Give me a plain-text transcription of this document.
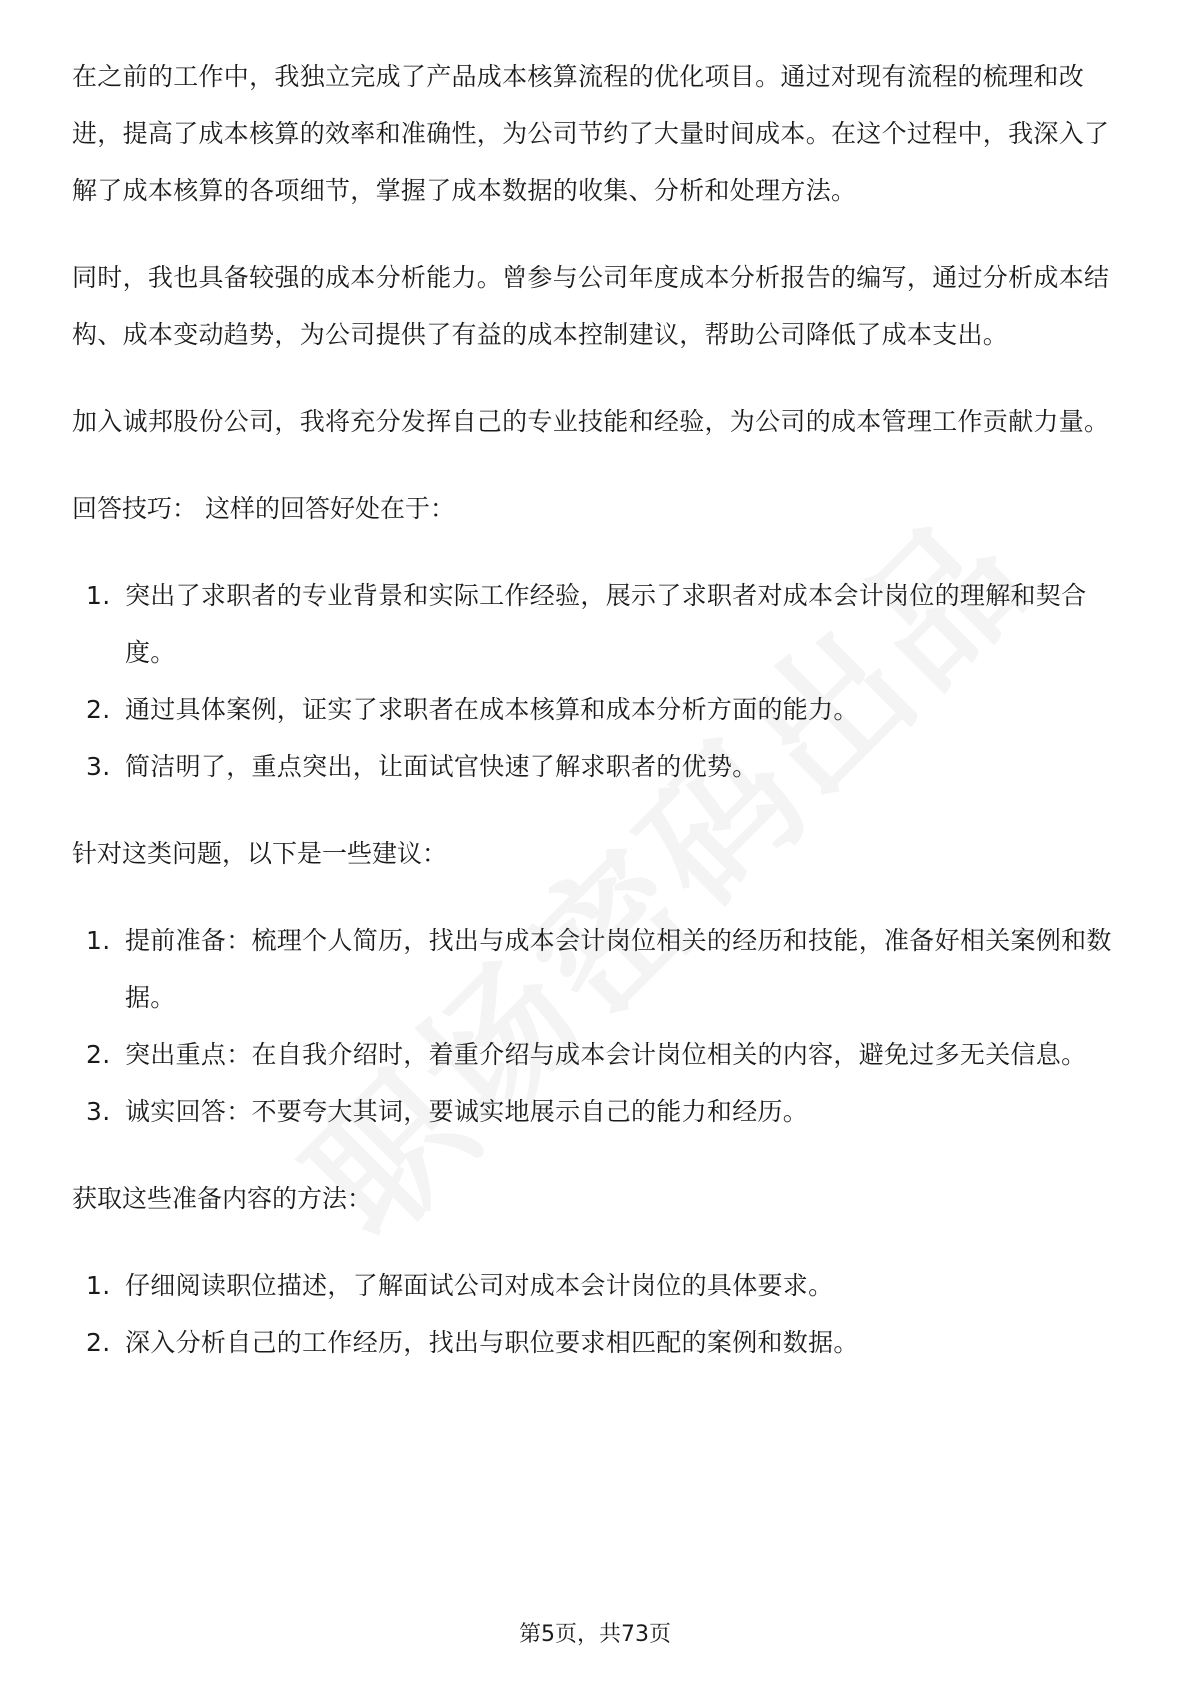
在之前的工作中，我独立完成了产品成本核算流程的优化项目。通过对现有流程的梳理和改进，提高了成本核算的效率和准确性，为公司节约了大量时间成本。在这个过程中，我深入了解了成本核算的各项细节，掌握了成本数据的收集、分析和处理方法。

同时，我也具备较强的成本分析能力。曾参与公司年度成本分析报告的编写，通过分析成本结构、成本变动趋势，为公司提供了有益的成本控制建议，帮助公司降低了成本支出。

加入诚邦股份公司，我将充分发挥自己的专业技能和经验，为公司的成本管理工作贡献力量。

回答技巧： 这样的回答好处在于：

1. 突出了求职者的专业背景和实际工作经验，展示了求职者对成本会计岗位的理解和契合度。
2. 通过具体案例，证实了求职者在成本核算和成本分析方面的能力。
3. 简洁明了，重点突出，让面试官快速了解求职者的优势。

针对这类问题，以下是一些建议：

1. 提前准备：梳理个人简历，找出与成本会计岗位相关的经历和技能，准备好相关案例和数据。
2. 突出重点：在自我介绍时，着重介绍与成本会计岗位相关的内容，避免过多无关信息。
3. 诚实回答：不要夸大其词，要诚实地展示自己的能力和经历。

获取这些准备内容的方法：

1. 仔细阅读职位描述，了解面试公司对成本会计岗位的具体要求。
2. 深入分析自己的工作经历，找出与职位要求相匹配的案例和数据。
第5页，共73页
